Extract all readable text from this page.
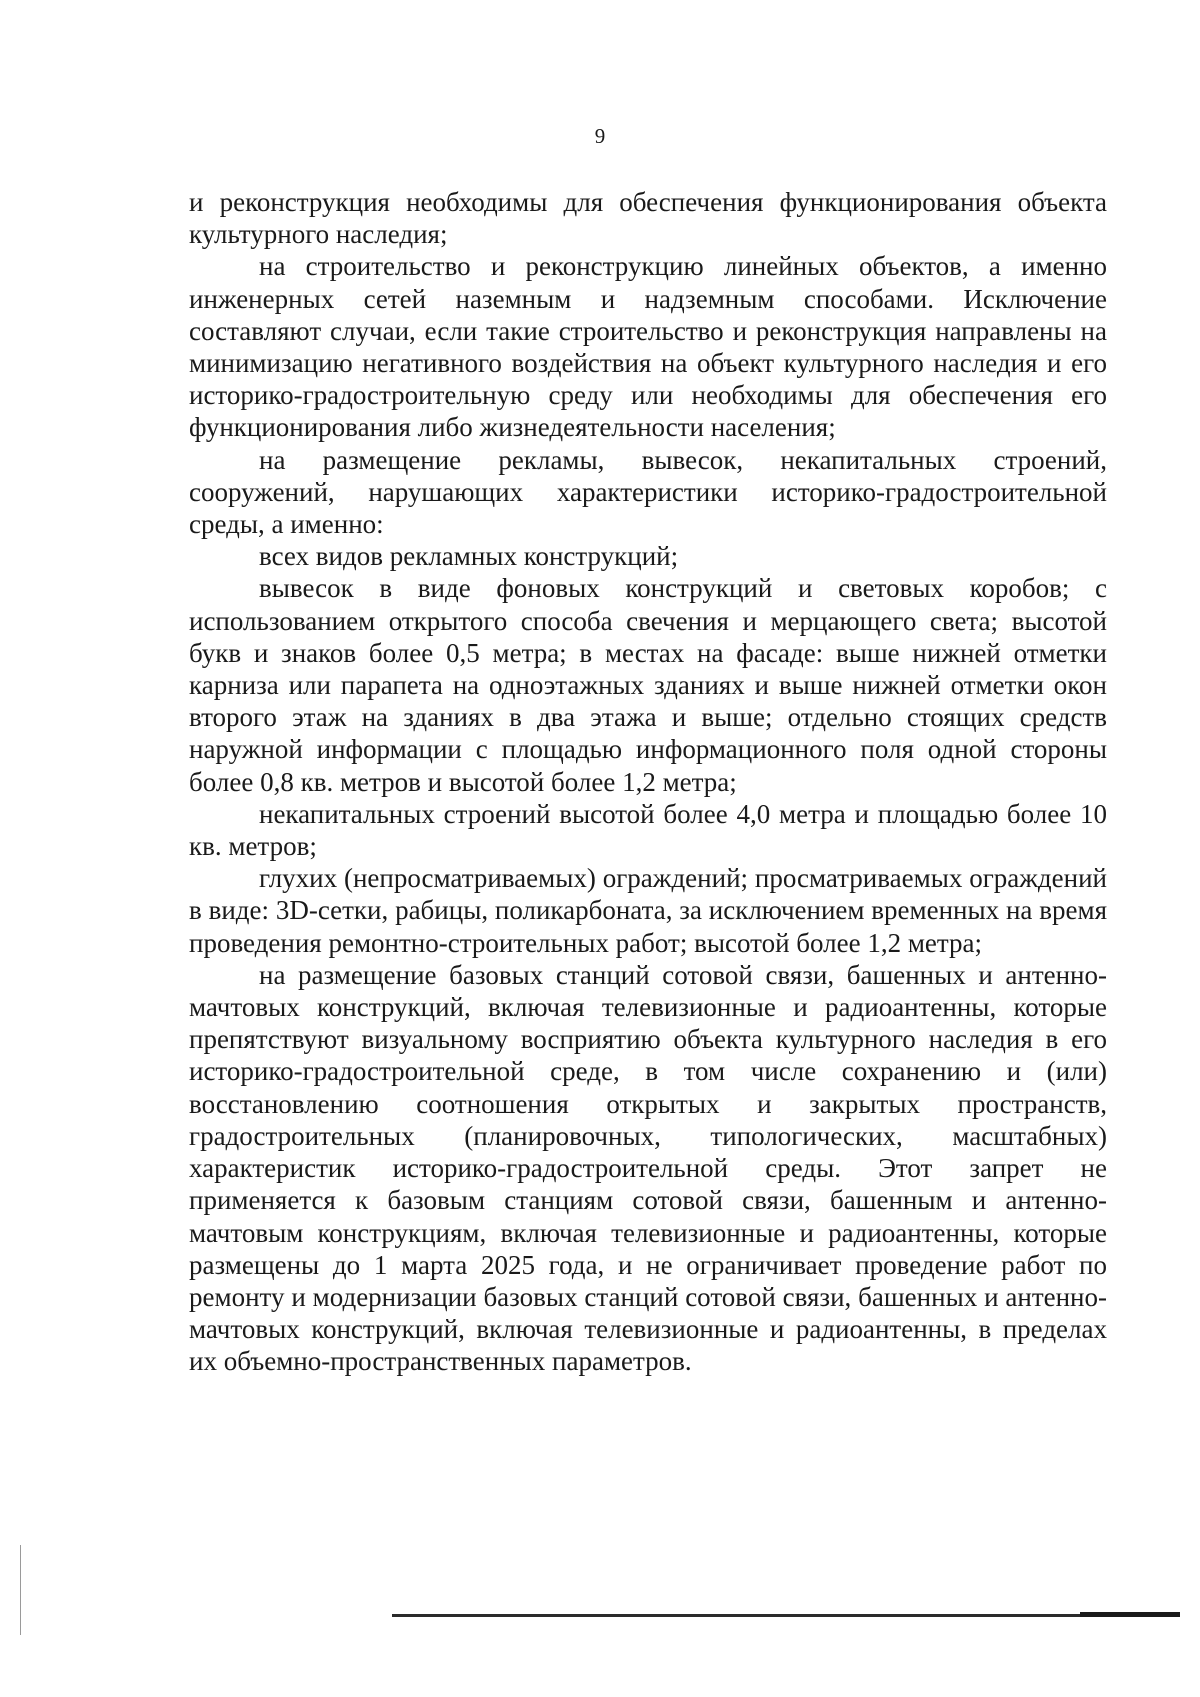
9

и реконструкция необходимы для обеспечения функционирования объекта культурного наследия;

на строительство и реконструкцию линейных объектов, а именно инженерных сетей наземным и надземным способами. Исключение составляют случаи, если такие строительство и реконструкция направлены на минимизацию негативного воздействия на объект культурного наследия и его историко-градостроительную среду или необходимы для обеспечения его функционирования либо жизнедеятельности населения;

на размещение рекламы, вывесок, некапитальных строений, сооружений, нарушающих характеристики историко-градостроительной среды, а именно:

всех видов рекламных конструкций;

вывесок в виде фоновых конструкций и световых коробов; с использованием открытого способа свечения и мерцающего света; высотой букв и знаков более 0,5 метра; в местах на фасаде: выше нижней отметки карниза или парапета на одноэтажных зданиях и выше нижней отметки окон второго этаж на зданиях в два этажа и выше; отдельно стоящих средств наружной информации с площадью информационного поля одной стороны более 0,8 кв. метров и высотой более 1,2 метра;

некапитальных строений высотой более 4,0 метра и площадью более 10 кв. метров;

глухих (непросматриваемых) ограждений; просматриваемых ограждений в виде: 3D-сетки, рабицы, поликарбоната, за исключением временных на время проведения ремонтно-строительных работ; высотой более 1,2 метра;

на размещение базовых станций сотовой связи, башенных и антенно-мачтовых конструкций, включая телевизионные и радиоантенны, которые препятствуют визуальному восприятию объекта культурного наследия в его историко-градостроительной среде, в том числе сохранению и (или) восстановлению соотношения открытых и закрытых пространств, градостроительных (планировочных, типологических, масштабных) характеристик историко-градостроительной среды. Этот запрет не применяется к базовым станциям сотовой связи, башенным и антенно-мачтовым конструкциям, включая телевизионные и радиоантенны, которые размещены до 1 марта 2025 года, и не ограничивает проведение работ по ремонту и модернизации базовых станций сотовой связи, башенных и антенно-мачтовых конструкций, включая телевизионные и радиоантенны, в пределах их объемно-пространственных параметров.
